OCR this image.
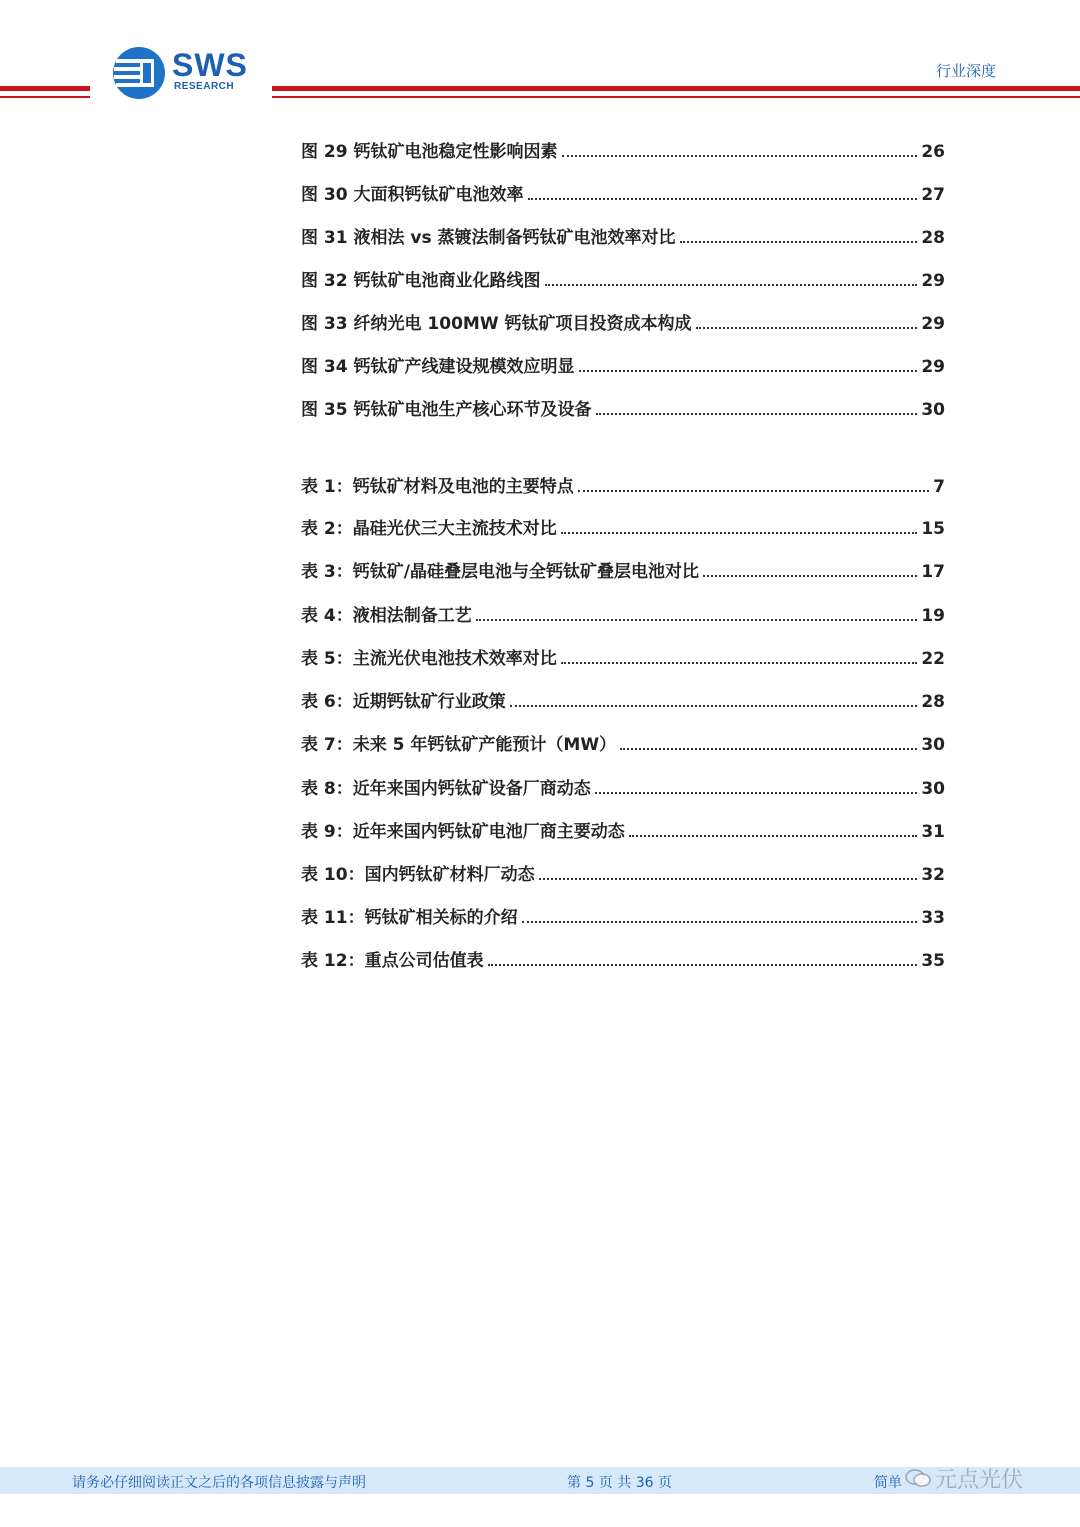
SWS
RESEARCH
行业深度
图 29 钙钛矿电池稳定性影响因素	26
图 30 大面积钙钛矿电池效率	27
图 31 液相法 vs 蒸镀法制备钙钛矿电池效率对比	28
图 32 钙钛矿电池商业化路线图	29
图 33 纤纳光电 100MW 钙钛矿项目投资成本构成	29
图 34 钙钛矿产线建设规模效应明显	29
图 35 钙钛矿电池生产核心环节及设备	30
表 1：钙钛矿材料及电池的主要特点	7
表 2：晶硅光伏三大主流技术对比	15
表 3：钙钛矿/晶硅叠层电池与全钙钛矿叠层电池对比	17
表 4：液相法制备工艺	19
表 5：主流光伏电池技术效率对比	22
表 6：近期钙钛矿行业政策	28
表 7：未来 5 年钙钛矿产能预计（MW）	30
表 8：近年来国内钙钛矿设备厂商动态	30
表 9：近年来国内钙钛矿电池厂商主要动态	31
表 10：国内钙钛矿材料厂动态	32
表 11：钙钛矿相关标的介绍	33
表 12：重点公司估值表	35
请务必仔细阅读正文之后的各项信息披露与声明	第 5 页 共 36 页	简单 元点光伏
